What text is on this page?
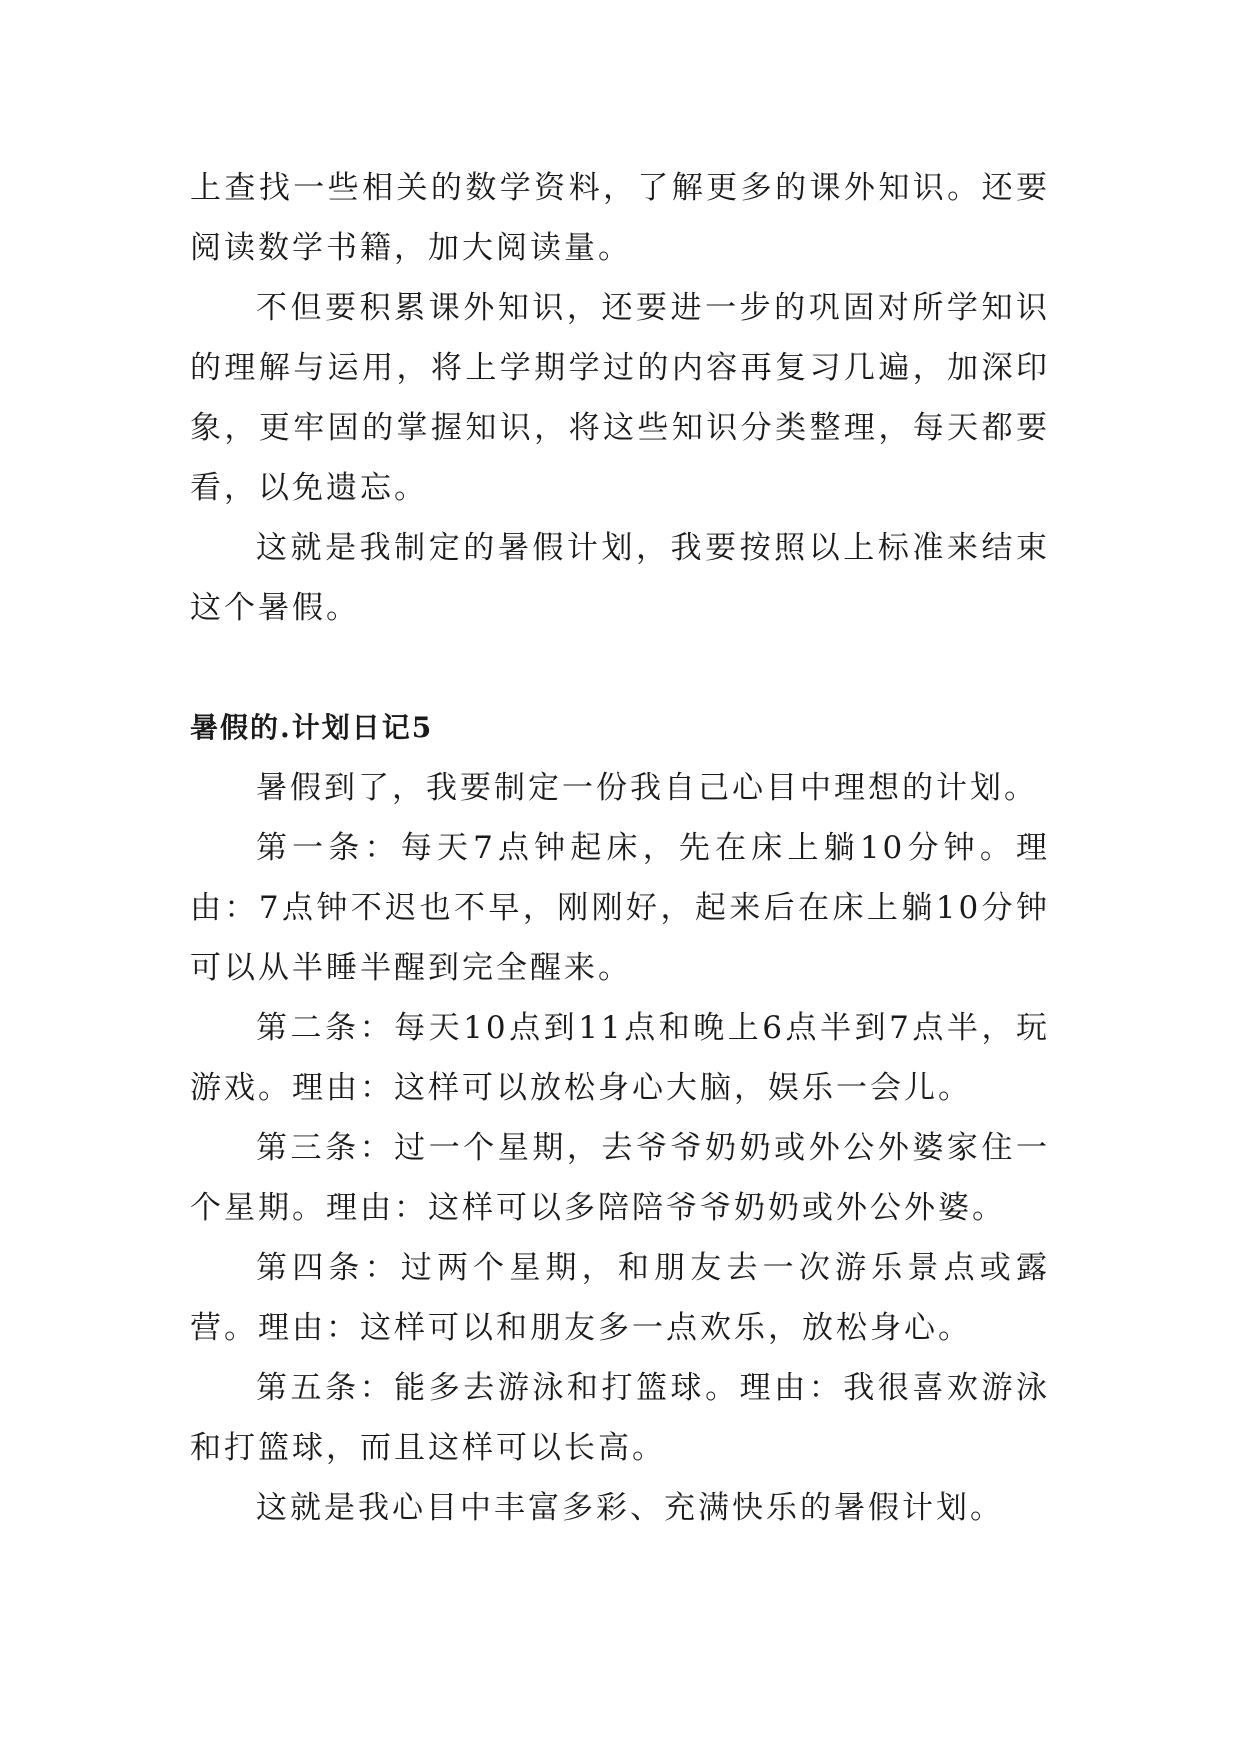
上查找一些相关的数学资料，了解更多的课外知识。还要阅读数学书籍，加大阅读量。

不但要积累课外知识，还要进一步的巩固对所学知识的理解与运用，将上学期学过的内容再复习几遍，加深印象，更牢固的掌握知识，将这些知识分类整理，每天都要看，以免遗忘。

这就是我制定的暑假计划，我要按照以上标准来结束这个暑假。

暑假的.计划日记5

暑假到了，我要制定一份我自己心目中理想的计划。

第一条：每天7点钟起床，先在床上躺10分钟。理由：7点钟不迟也不早，刚刚好，起来后在床上躺10分钟可以从半睡半醒到完全醒来。

第二条：每天10点到11点和晚上6点半到7点半，玩游戏。理由：这样可以放松身心大脑，娱乐一会儿。

第三条：过一个星期，去爷爷奶奶或外公外婆家住一个星期。理由：这样可以多陪陪爷爷奶奶或外公外婆。

第四条：过两个星期，和朋友去一次游乐景点或露营。理由：这样可以和朋友多一点欢乐，放松身心。

第五条：能多去游泳和打篮球。理由：我很喜欢游泳和打篮球，而且这样可以长高。

这就是我心目中丰富多彩、充满快乐的暑假计划。
